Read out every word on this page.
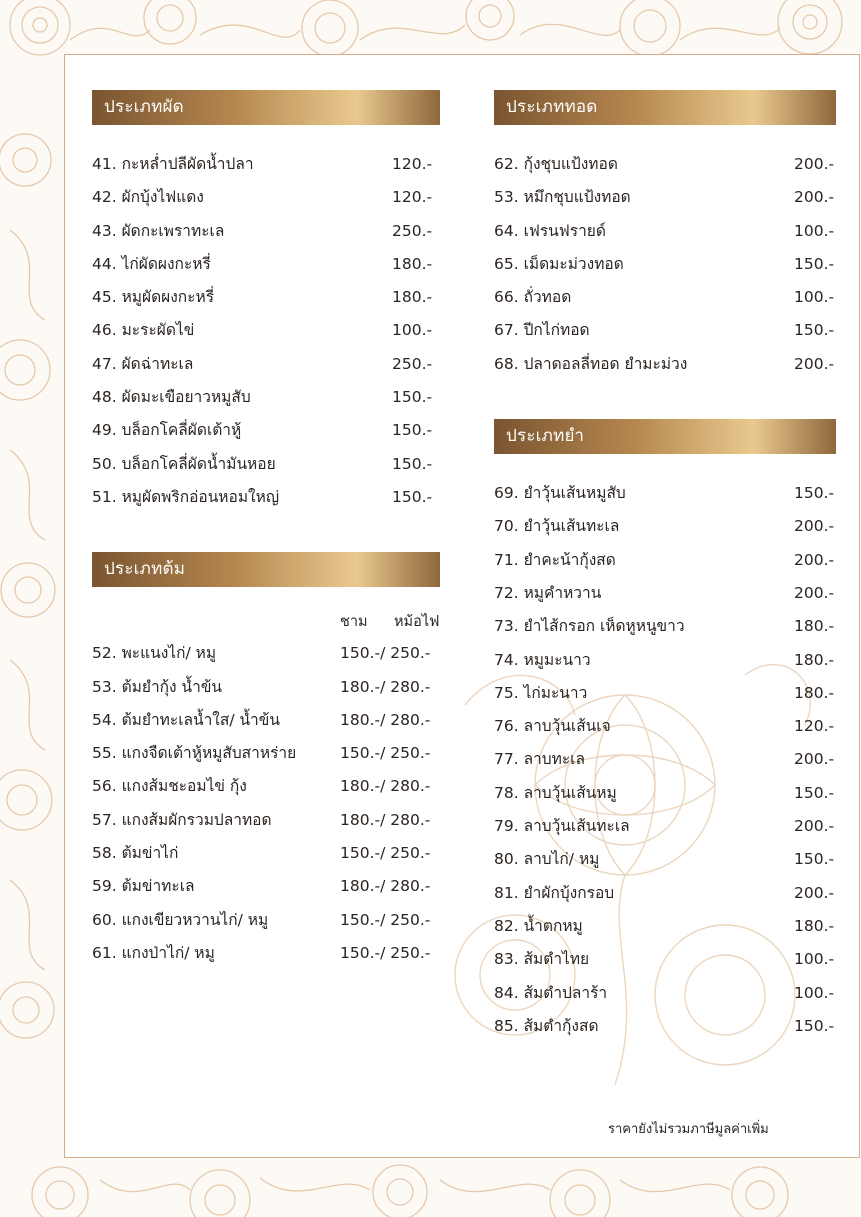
ประเภทผัด
41. กะหล่ำปลีผัดน้ำปลา	120.-
42. ผักบุ้งไฟแดง	120.-
43. ผัดกะเพราทะเล	250.-
44. ไก่ผัดผงกะหรี่	180.-
45. หมูผัดผงกะหรี่	180.-
46. มะระผัดไข่	100.-
47. ผัดฉ่าทะเล	250.-
48. ผัดมะเขือยาวหมูสับ	150.-
49. บล็อกโคลี่ผัดเต้าหู้	150.-
50. บล็อกโคลี่ผัดน้ำมันหอย	150.-
51. หมูผัดพริกอ่อนหอมใหญ่	150.-
ประเภทต้ม
ชาม หม้อไฟ
52. พะแนงไก่/ หมู	150.-/ 250.-
53. ต้มยำกุ้ง น้ำข้น	180.-/ 280.-
54. ต้มยำทะเลน้ำใส/ น้ำข้น	180.-/ 280.-
55. แกงจืดเต้าหู้หมูสับสาหร่าย	150.-/ 250.-
56. แกงส้มชะอมไข่ กุ้ง	180.-/ 280.-
57. แกงส้มผักรวมปลาทอด	180.-/ 280.-
58. ต้มข่าไก่	150.-/ 250.-
59. ต้มข่าทะเล	180.-/ 280.-
60. แกงเขียวหวานไก่/ หมู	150.-/ 250.-
61. แกงป่าไก่/ หมู	150.-/ 250.-
ประเภททอด
62. กุ้งชุบแป้งทอด	200.-
53. หมึกชุบแป้งทอด	200.-
64. เฟรนฟรายด์	100.-
65. เม็ดมะม่วงทอด	150.-
66. ถั่วทอด	100.-
67. ปีกไก่ทอด	150.-
68. ปลาดอลลี่ทอด ยำมะม่วง	200.-
ประเภทยำ
69. ยำวุ้นเส้นหมูสับ	150.-
70. ยำวุ้นเส้นทะเล	200.-
71. ยำคะน้ากุ้งสด	200.-
72. หมูคำหวาน	200.-
73. ยำไส้กรอก เห็ดหูหนูขาว	180.-
74. หมูมะนาว	180.-
75. ไก่มะนาว	180.-
76. ลาบวุ้นเส้นเจ	120.-
77. ลาบทะเล	200.-
78. ลาบวุ้นเส้นหมู	150.-
79. ลาบวุ้นเส้นทะเล	200.-
80. ลาบไก่/ หมู	150.-
81. ยำผักบุ้งกรอบ	200.-
82. น้ำตกหมู	180.-
83. ส้มตำไทย	100.-
84. ส้มตำปลาร้า	100.-
85. ส้มตำกุ้งสด	150.-
ราคายังไม่รวมภาษีมูลค่าเพิ่ม
